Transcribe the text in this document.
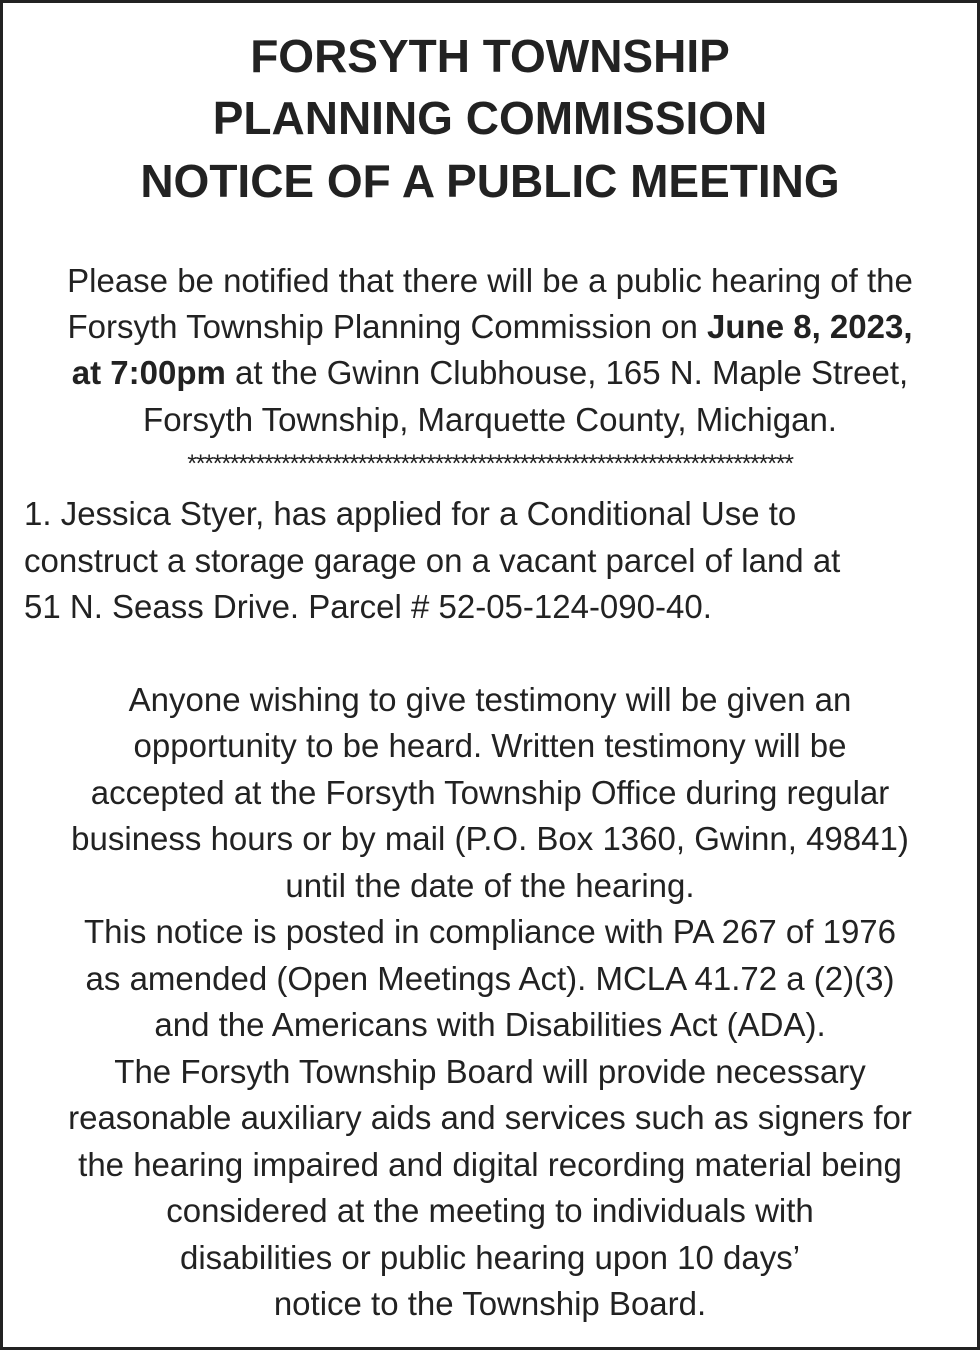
FORSYTH TOWNSHIP
PLANNING COMMISSION
NOTICE OF A PUBLIC MEETING
Please be notified that there will be a public hearing of the
Forsyth Township Planning Commission on June 8, 2023,
at 7:00pm at the Gwinn Clubhouse, 165 N. Maple Street,
Forsyth Township, Marquette County, Michigan.
***********************************************************************
1. Jessica Styer, has applied for a Conditional Use to
construct a storage garage on a vacant parcel of land at
51 N. Seass Drive. Parcel # 52-05-124-090-40.
Anyone wishing to give testimony will be given an
opportunity to be heard. Written testimony will be
accepted at the Forsyth Township Office during regular
business hours or by mail (P.O. Box 1360, Gwinn, 49841)
until the date of the hearing.
This notice is posted in compliance with PA 267 of 1976
as amended (Open Meetings Act). MCLA 41.72 a (2)(3)
and the Americans with Disabilities Act (ADA).
The Forsyth Township Board will provide necessary
reasonable auxiliary aids and services such as signers for
the hearing impaired and digital recording material being
considered at the meeting to individuals with
disabilities or public hearing upon 10 days’
notice to the Township Board.
